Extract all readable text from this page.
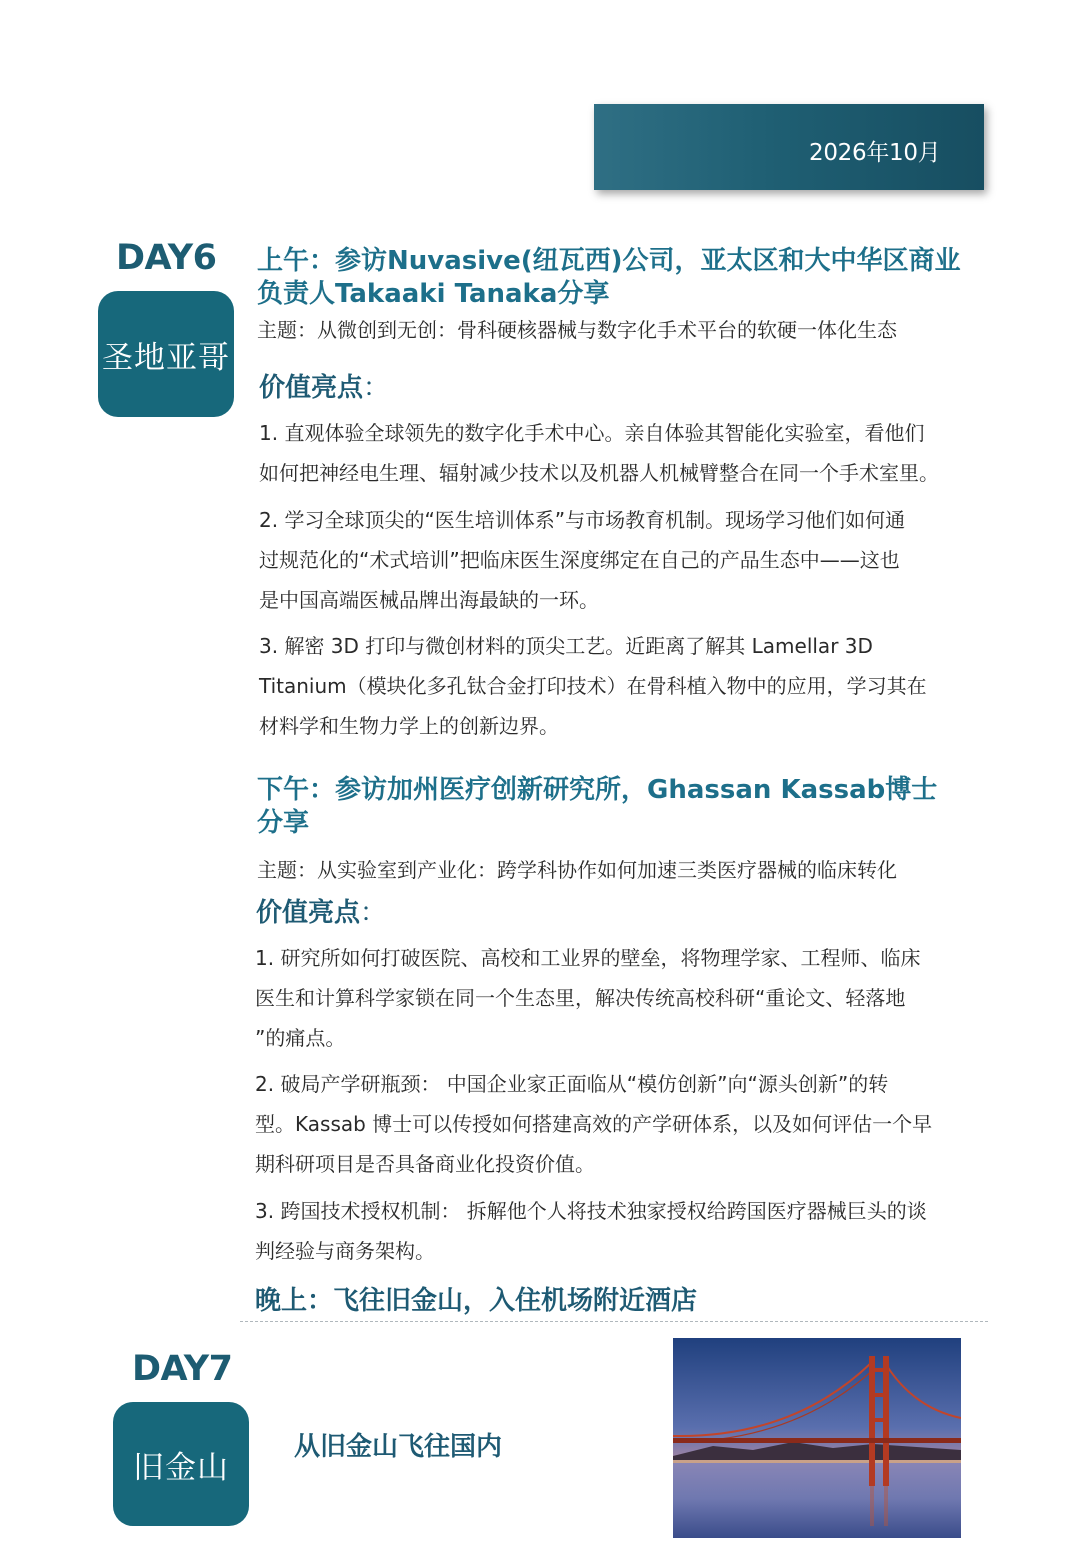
2026年10月
DAY6
圣地亚哥
上午：参访Nuvasive(纽瓦西)公司，亚太区和大中华区商业
负责人Takaaki Tanaka分享
主题：从微创到无创：骨科硬核器械与数字化手术平台的软硬一体化生态
价值亮点：
1. 直观体验全球领先的数字化手术中心。亲自体验其智能化实验室，看他们
如何把神经电生理、辐射减少技术以及机器人机械臂整合在同一个手术室里。
2. 学习全球顶尖的“医生培训体系”与市场教育机制。现场学习他们如何通
过规范化的“术式培训”把临床医生深度绑定在自己的产品生态中——这也
是中国高端医械品牌出海最缺的一环。
3. 解密 3D 打印与微创材料的顶尖工艺。近距离了解其 Lamellar 3D
Titanium（模块化多孔钛合金打印技术）在骨科植入物中的应用，学习其在
材料学和生物力学上的创新边界。
下午：参访加州医疗创新研究所，Ghassan Kassab博士
分享
主题：从实验室到产业化：跨学科协作如何加速三类医疗器械的临床转化
价值亮点：
1. 研究所如何打破医院、高校和工业界的壁垒，将物理学家、工程师、临床
医生和计算科学家锁在同一个生态里，解决传统高校科研“重论文、轻落地
”的痛点。
2. 破局产学研瓶颈： 中国企业家正面临从“模仿创新”向“源头创新”的转
型。Kassab 博士可以传授如何搭建高效的产学研体系，以及如何评估一个早
期科研项目是否具备商业化投资价值。
3. 跨国技术授权机制： 拆解他个人将技术独家授权给跨国医疗器械巨头的谈
判经验与商务架构。
晚上：飞往旧金山，入住机场附近酒店
DAY7
旧金山
从旧金山飞往国内
